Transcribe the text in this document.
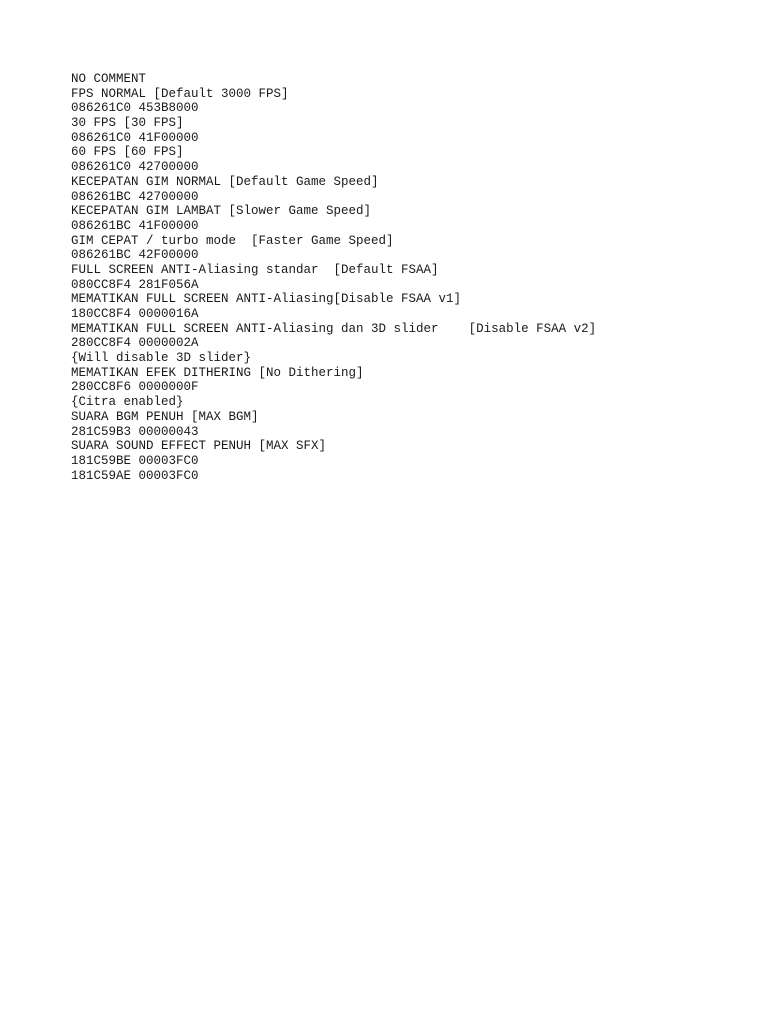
NO COMMENT
FPS NORMAL [Default 3000 FPS]
086261C0 453B8000
30 FPS [30 FPS]
086261C0 41F00000
60 FPS [60 FPS]
086261C0 42700000
KECEPATAN GIM NORMAL [Default Game Speed]
086261BC 42700000
KECEPATAN GIM LAMBAT [Slower Game Speed]
086261BC 41F00000
GIM CEPAT / turbo mode  [Faster Game Speed]
086261BC 42F00000
FULL SCREEN ANTI-Aliasing standar  [Default FSAA]
080CC8F4 281F056A
MEMATIKAN FULL SCREEN ANTI-Aliasing[Disable FSAA v1]
180CC8F4 0000016A
MEMATIKAN FULL SCREEN ANTI-Aliasing dan 3D slider    [Disable FSAA v2]
280CC8F4 0000002A
{Will disable 3D slider}
MEMATIKAN EFEK DITHERING [No Dithering]
280CC8F6 0000000F
{Citra enabled}
SUARA BGM PENUH [MAX BGM]
281C59B3 00000043
SUARA SOUND EFFECT PENUH [MAX SFX]
181C59BE 00003FC0
181C59AE 00003FC0
